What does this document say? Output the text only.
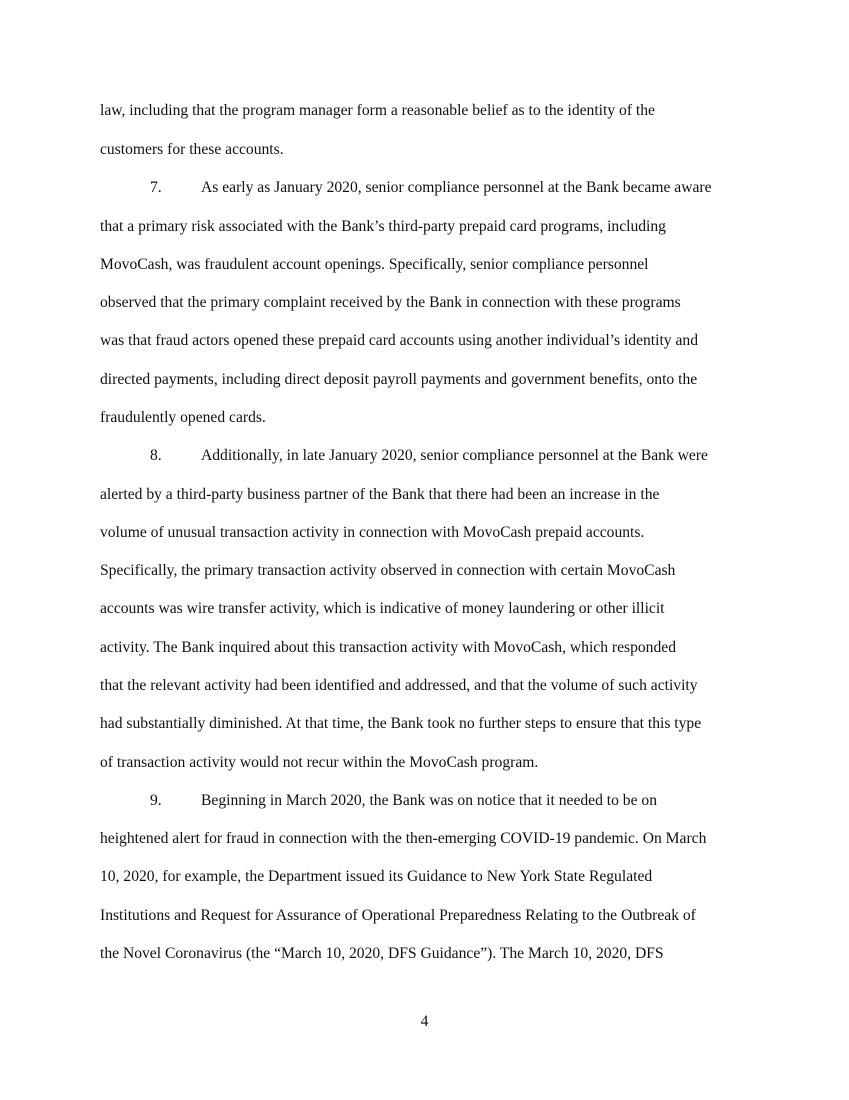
law, including that the program manager form a reasonable belief as to the identity of the
customers for these accounts.
7.	As early as January 2020, senior compliance personnel at the Bank became aware
that a primary risk associated with the Bank’s third-party prepaid card programs, including
MovoCash, was fraudulent account openings. Specifically, senior compliance personnel
observed that the primary complaint received by the Bank in connection with these programs
was that fraud actors opened these prepaid card accounts using another individual’s identity and
directed payments, including direct deposit payroll payments and government benefits, onto the
fraudulently opened cards.
8.	Additionally, in late January 2020, senior compliance personnel at the Bank were
alerted by a third-party business partner of the Bank that there had been an increase in the
volume of unusual transaction activity in connection with MovoCash prepaid accounts.
Specifically, the primary transaction activity observed in connection with certain MovoCash
accounts was wire transfer activity, which is indicative of money laundering or other illicit
activity. The Bank inquired about this transaction activity with MovoCash, which responded
that the relevant activity had been identified and addressed, and that the volume of such activity
had substantially diminished. At that time, the Bank took no further steps to ensure that this type
of transaction activity would not recur within the MovoCash program.
9.	Beginning in March 2020, the Bank was on notice that it needed to be on
heightened alert for fraud in connection with the then-emerging COVID-19 pandemic. On March
10, 2020, for example, the Department issued its Guidance to New York State Regulated
Institutions and Request for Assurance of Operational Preparedness Relating to the Outbreak of
the Novel Coronavirus (the “March 10, 2020, DFS Guidance”). The March 10, 2020, DFS
4
